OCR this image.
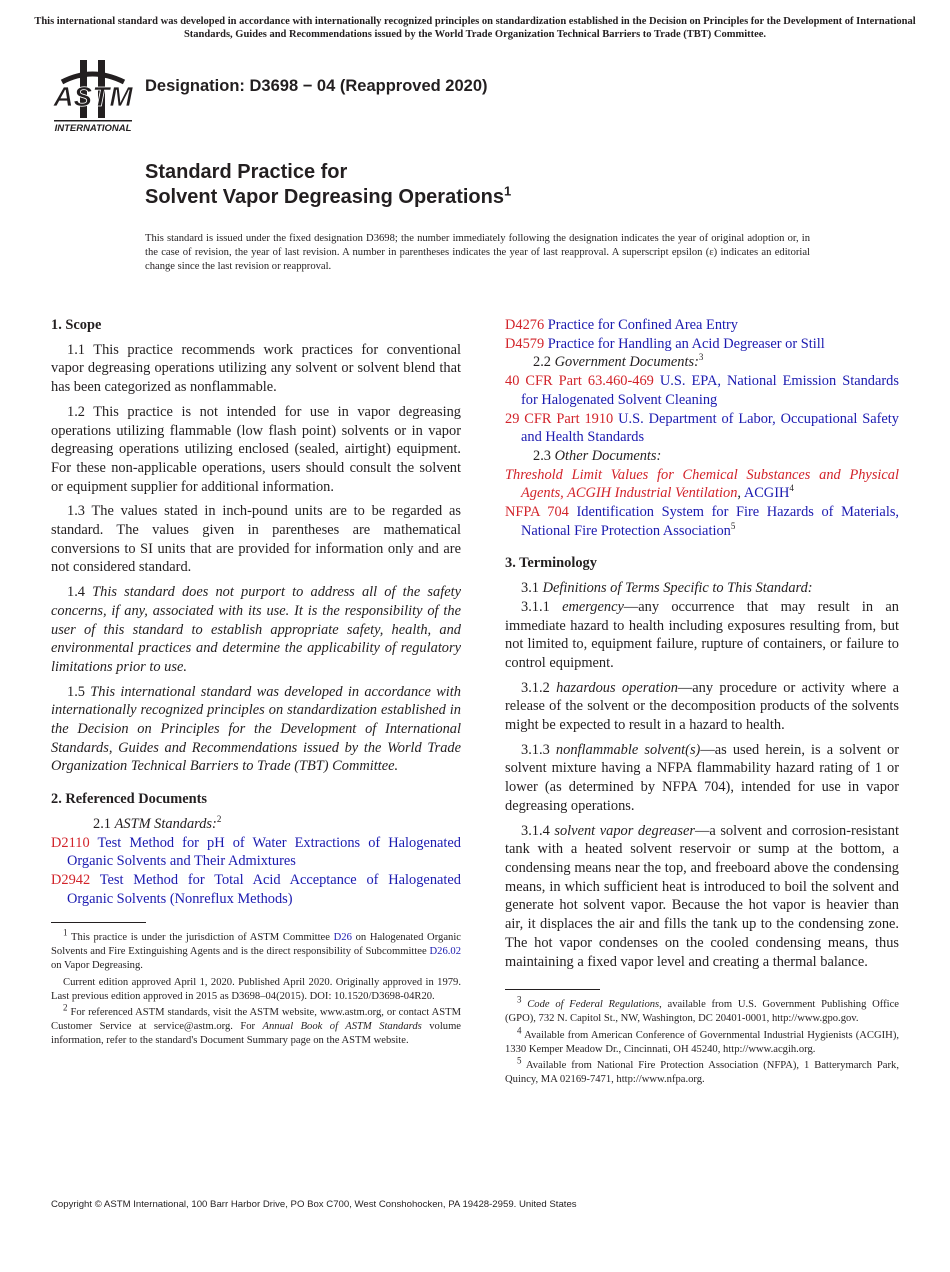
This international standard was developed in accordance with internationally recognized principles on standardization established in the Decision on Principles for the Development of International Standards, Guides and Recommendations issued by the World Trade Organization Technical Barriers to Trade (TBT) Committee.
ASTM
INTERNATIONAL
Designation: D3698 − 04 (Reapproved 2020)
Standard Practice for
Solvent Vapor Degreasing Operations$^1$
This standard is issued under the fixed designation D3698; the number immediately following the designation indicates the year of original adoption or, in the case of revision, the year of last revision. A number in parentheses indicates the year of last reapproval. A superscript epsilon (ε) indicates an editorial change since the last revision or reapproval.
1. Scope

1.1 This practice recommends work practices for conventional vapor degreasing operations utilizing any solvent or solvent blend that has been categorized as nonflammable.

1.2 This practice is not intended for use in vapor degreasing operations utilizing flammable (low flash point) solvents or in vapor degreasing operations utilizing enclosed (sealed, airtight) equipment. For these non-applicable operations, users should consult the solvent or equipment supplier for additional information.

1.3 The values stated in inch-pound units are to be regarded as standard. The values given in parentheses are mathematical conversions to SI units that are provided for information only and are not considered standard.

1.4 This standard does not purport to address all of the safety concerns, if any, associated with its use. It is the responsibility of the user of this standard to establish appropriate safety, health, and environmental practices and determine the applicability of regulatory limitations prior to use.

1.5 This international standard was developed in accordance with internationally recognized principles on standardization established in the Decision on Principles for the Development of International Standards, Guides and Recommendations issued by the World Trade Organization Technical Barriers to Trade (TBT) Committee.

2. Referenced Documents

2.1 ASTM Standards:$^2$

D2110 Test Method for pH of Water Extractions of Halogenated Organic Solvents and Their Admixtures
D2942 Test Method for Total Acid Acceptance of Halogenated Organic Solvents (Nonreflux Methods)

$^1$ This practice is under the jurisdiction of ASTM Committee D26 on Halogenated Organic Solvents and Fire Extinguishing Agents and is the direct responsibility of Subcommittee D26.02 on Vapor Degreasing.

Current edition approved April 1, 2020. Published April 2020. Originally approved in 1979. Last previous edition approved in 2015 as D3698–04(2015). DOI: 10.1520/D3698-04R20.

$^2$ For referenced ASTM standards, visit the ASTM website, www.astm.org, or contact ASTM Customer Service at service@astm.org. For Annual Book of ASTM Standards volume information, refer to the standard's Document Summary page on the ASTM website.

D4276 Practice for Confined Area Entry
D4579 Practice for Handling an Acid Degreaser or Still

2.2 Government Documents:$^3$

40 CFR Part 63.460-469 U.S. EPA, National Emission Standards for Halogenated Solvent Cleaning
29 CFR Part 1910 U.S. Department of Labor, Occupational Safety and Health Standards

2.3 Other Documents:

Threshold Limit Values for Chemical Substances and Physical Agents, ACGIH Industrial Ventilation, ACGIH$^4$
NFPA 704 Identification System for Fire Hazards of Materials, National Fire Protection Association$^5$
3. Terminology

3.1 Definitions of Terms Specific to This Standard:

3.1.1 emergency—any occurrence that may result in an immediate hazard to health including exposures resulting from, but not limited to, equipment failure, rupture of containers, or failure to control equipment.

3.1.2 hazardous operation—any procedure or activity where a release of the solvent or the decomposition products of the solvents might be expected to result in a hazard to health.

3.1.3 nonflammable solvent(s)—as used herein, is a solvent or solvent mixture having a NFPA flammability hazard rating of 1 or lower (as determined by NFPA 704), intended for use in vapor degreasing operations.

3.1.4 solvent vapor degreaser—a solvent and corrosion-resistant tank with a heated solvent reservoir or sump at the bottom, a condensing means near the top, and freeboard above the condensing means, in which sufficient heat is introduced to boil the solvent and generate hot solvent vapor. Because the hot vapor is heavier than air, it displaces the air and fills the tank up to the condensing zone. The hot vapor condenses on the cooled condensing means, thus maintaining a fixed vapor level and creating a thermal balance.

$^3$ Code of Federal Regulations, available from U.S. Government Publishing Office (GPO), 732 N. Capitol St., NW, Washington, DC 20401-0001, http://www.gpo.gov.

$^4$ Available from American Conference of Governmental Industrial Hygienists (ACGIH), 1330 Kemper Meadow Dr., Cincinnati, OH 45240, http://www.acgih.org.

$^5$ Available from National Fire Protection Association (NFPA), 1 Batterymarch Park, Quincy, MA 02169-7471, http://www.nfpa.org.

Copyright © ASTM International, 100 Barr Harbor Drive, PO Box C700, West Conshohocken, PA 19428-2959. United States
